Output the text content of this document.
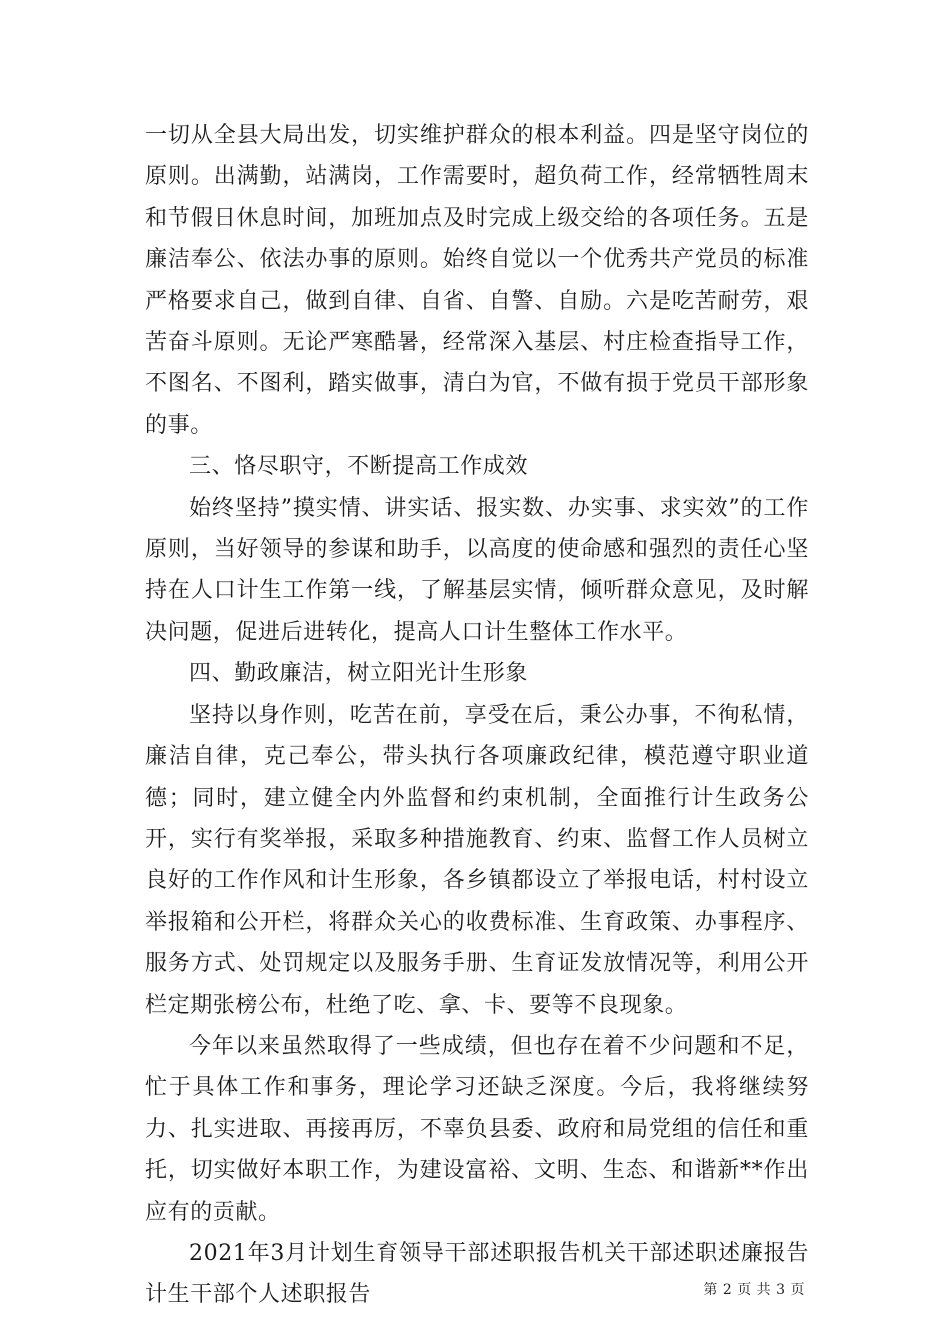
一切从全县大局出发，切实维护群众的根本利益。四是坚守岗位的原则。出满勤，站满岗，工作需要时，超负荷工作，经常牺牲周末和节假日休息时间，加班加点及时完成上级交给的各项任务。五是廉洁奉公、依法办事的原则。始终自觉以一个优秀共产党员的标准严格要求自己，做到自律、自省、自警、自励。六是吃苦耐劳，艰苦奋斗原则。无论严寒酷暑，经常深入基层、村庄检查指导工作，不图名、不图利，踏实做事，清白为官，不做有损于党员干部形象的事。

三、恪尽职守，不断提高工作成效

始终坚持”摸实情、讲实话、报实数、办实事、求实效”的工作原则，当好领导的参谋和助手，以高度的使命感和强烈的责任心坚持在人口计生工作第一线，了解基层实情，倾听群众意见，及时解决问题，促进后进转化，提高人口计生整体工作水平。

四、勤政廉洁，树立阳光计生形象

坚持以身作则，吃苦在前，享受在后，秉公办事，不徇私情，廉洁自律，克己奉公，带头执行各项廉政纪律，模范遵守职业道德；同时，建立健全内外监督和约束机制，全面推行计生政务公开，实行有奖举报，采取多种措施教育、约束、监督工作人员树立良好的工作作风和计生形象，各乡镇都设立了举报电话，村村设立举报箱和公开栏，将群众关心的收费标准、生育政策、办事程序、服务方式、处罚规定以及服务手册、生育证发放情况等，利用公开栏定期张榜公布，杜绝了吃、拿、卡、要等不良现象。

今年以来虽然取得了一些成绩，但也存在着不少问题和不足，忙于具体工作和事务，理论学习还缺乏深度。今后，我将继续努力、扎实进取、再接再厉，不辜负县委、政府和局党组的信任和重托，切实做好本职工作，为建设富裕、文明、生态、和谐新**作出应有的贡献。

2021年3月计划生育领导干部述职报告机关干部述职述廉报告计生干部个人述职报告	第 2 页 共 3 页
